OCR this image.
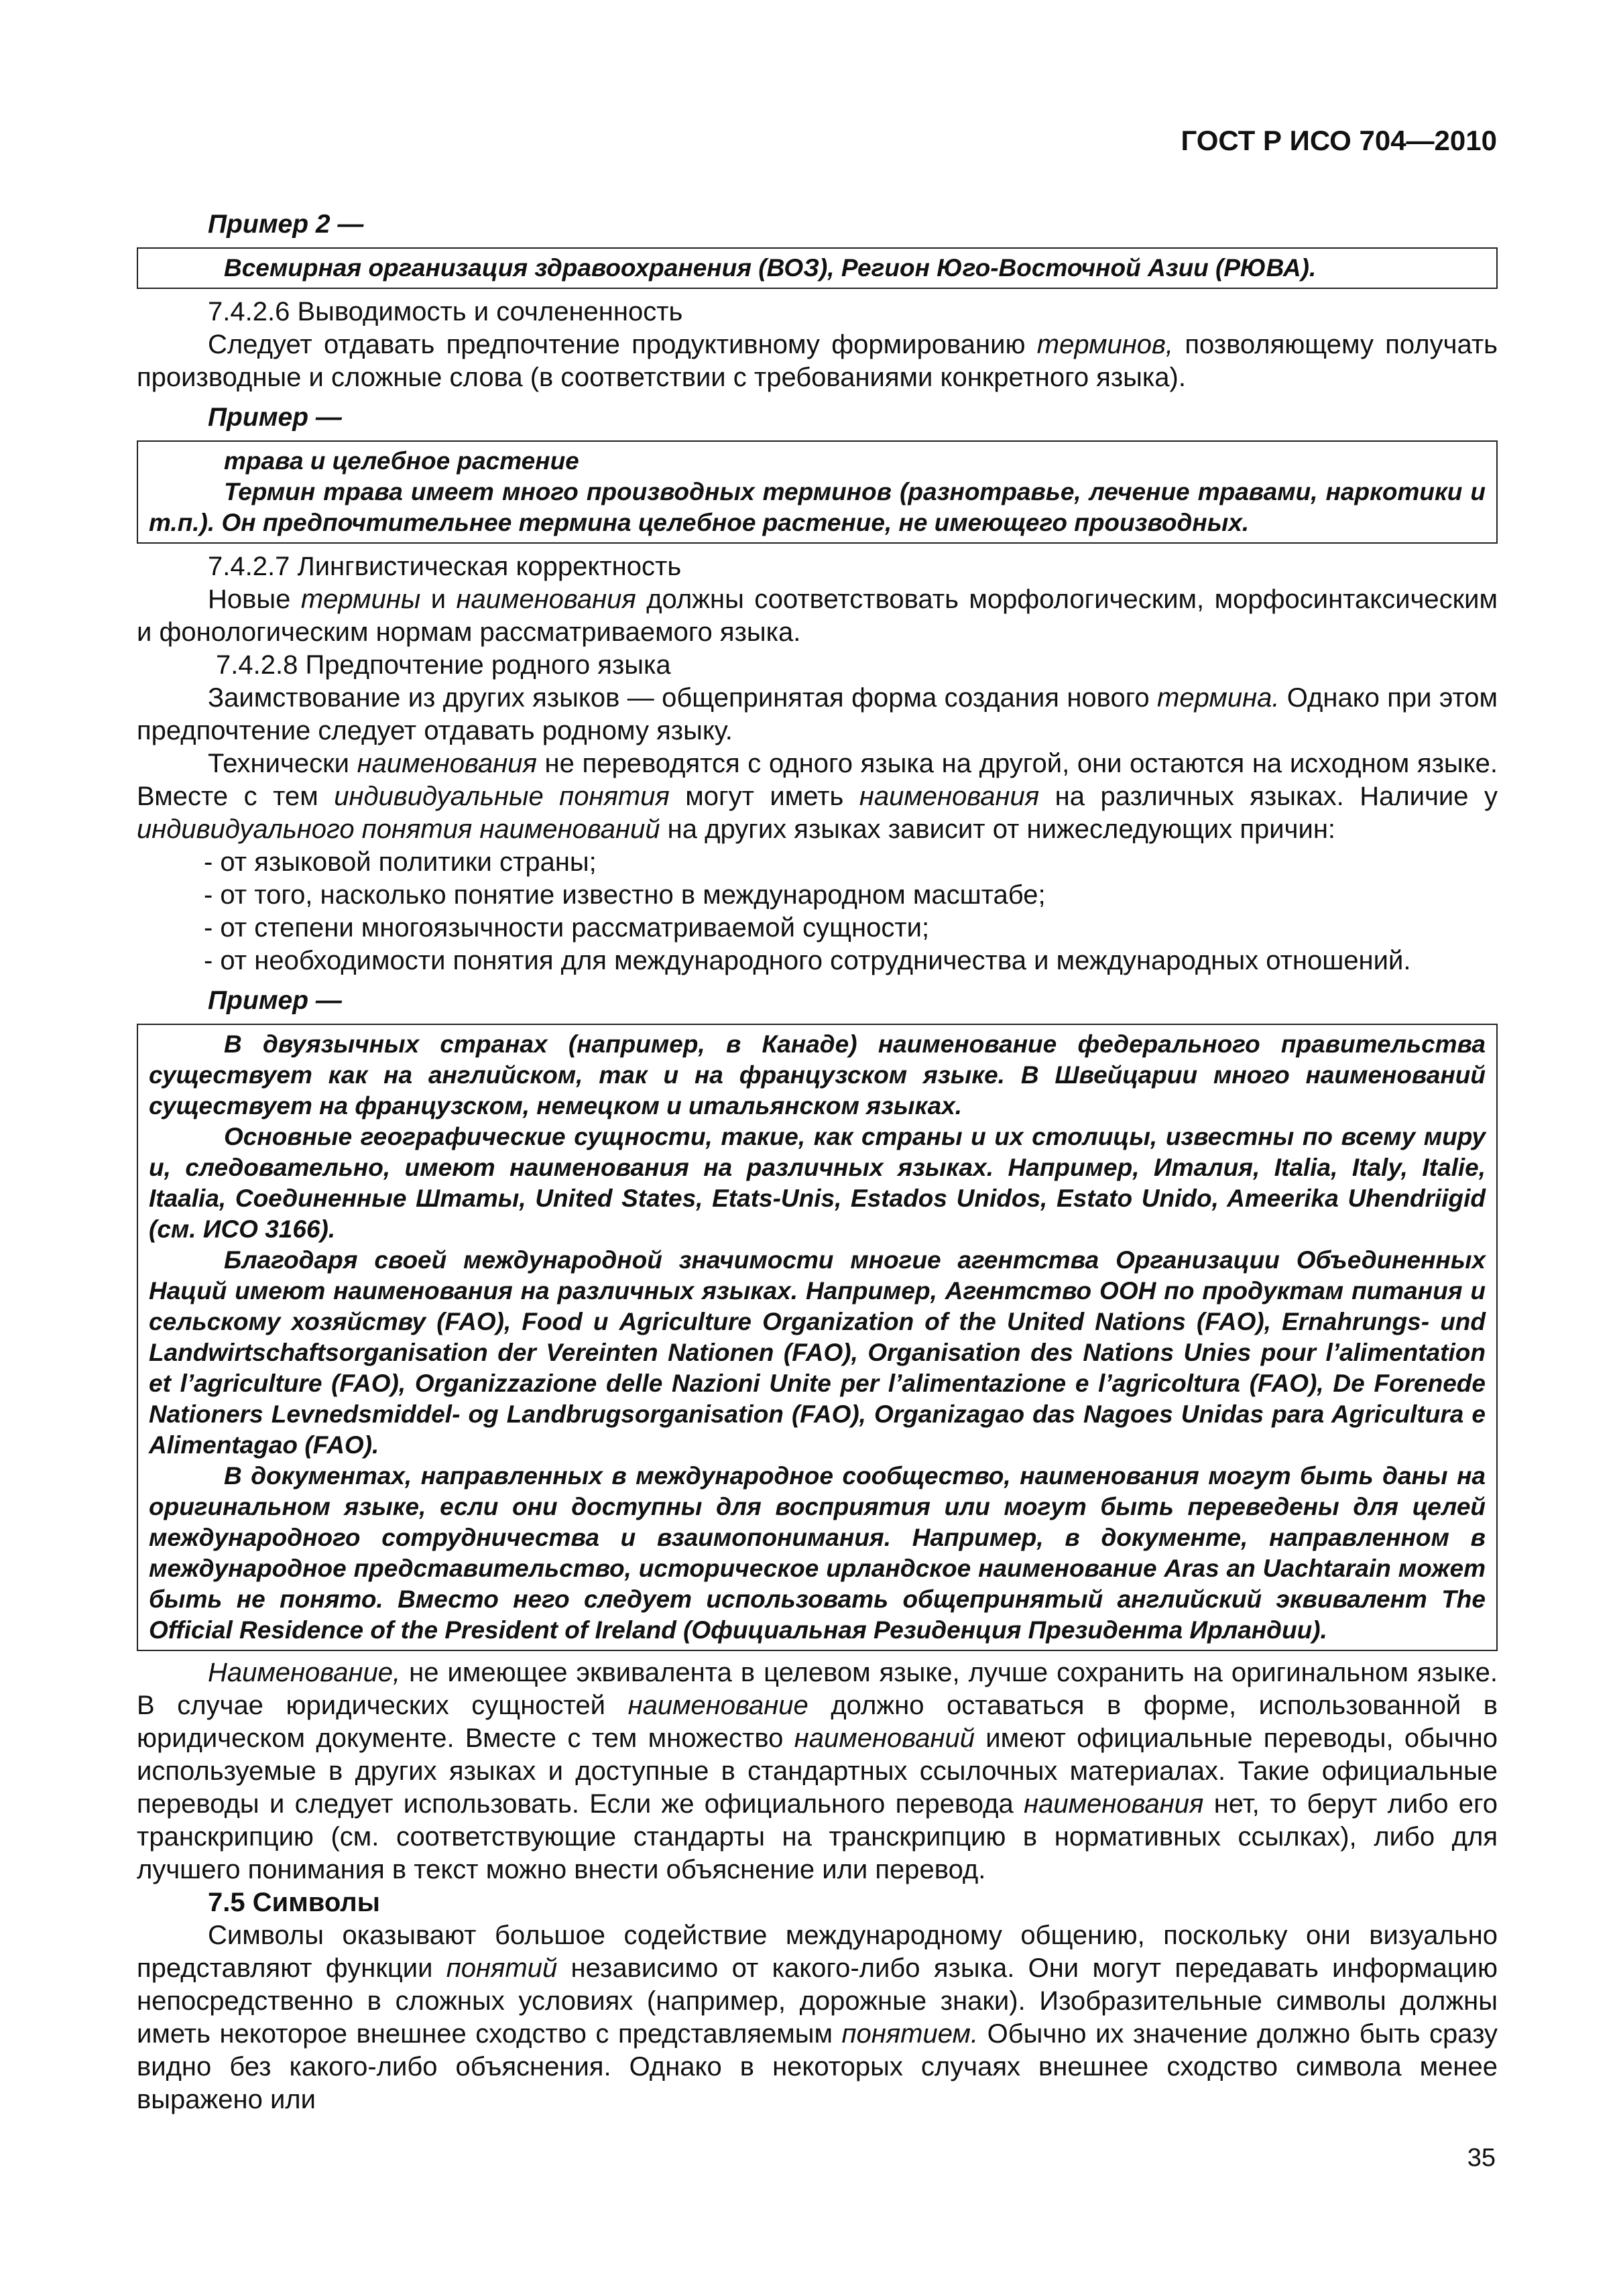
ГОСТ Р ИСО 704—2010

Пример 2 —

Всемирная организация здравоохранения (ВОЗ), Регион Юго-Восточной Азии (РЮВА).

7.4.2.6 Выводимость и сочлененность

Следует отдавать предпочтение продуктивному формированию терминов, позволяющему получать производные и сложные слова (в соответствии с требованиями конкретного языка).

Пример —

трава и целебное растение

Термин трава имеет много производных терминов (разнотравье, лечение травами, наркотики и т.п.). Он предпочтительнее термина целебное растение, не имеющего производных.

7.4.2.7 Лингвистическая корректность

Новые термины и наименования должны соответствовать морфологическим, морфосинтаксическим и фонологическим нормам рассматриваемого языка.

7.4.2.8 Предпочтение родного языка

Заимствование из других языков — общепринятая форма создания нового термина. Однако при этом предпочтение следует отдавать родному языку.

Технически наименования не переводятся с одного языка на другой, они остаются на исходном языке. Вместе с тем индивидуальные понятия могут иметь наименования на различных языках. Наличие у индивидуального понятия наименований на других языках зависит от нижеследующих причин:

- от языковой политики страны;

- от того, насколько понятие известно в международном масштабе;

- от степени многоязычности рассматриваемой сущности;

- от необходимости понятия для международного сотрудничества и международных отношений.

Пример —

В двуязычных странах (например, в Канаде) наименование федерального правительства существует как на английском, так и на французском языке. В Швейцарии много наименований существует на французском, немецком и итальянском языках.

Основные географические сущности, такие, как страны и их столицы, известны по всему миру и, следовательно, имеют наименования на различных языках. Например, Италия, Italia, Italy, Italie, Itaalia, Соединенные Штаты, United States, Etats-Unis, Estados Unidos, Estato Unido, Ameerika Uhendriigid (см. ИСО 3166).

Благодаря своей международной значимости многие агентства Организации Объединенных Наций имеют наименования на различных языках. Например, Агентство ООН по продуктам питания и сельскому хозяйству (FAO), Food и Agriculture Organization of the United Nations (FAO), Ernahrungs- und Landwirtschaftsorganisation der Vereinten Nationen (FAO), Organisation des Nations Unies pour l’alimentation et l’agriculture (FAO), Organizzazione delle Nazioni Unite per l’alimentazione e l’agricoltura (FAO), De Forenede Nationers Levnedsmiddel- og Landbrugsorganisation (FAO), Organizagao das Nagoes Unidas para Agricultura e Alimentagao (FAO).

В документах, направленных в международное сообщество, наименования могут быть даны на оригинальном языке, если они доступны для восприятия или могут быть переведены для целей международного сотрудничества и взаимопонимания. Например, в документе, направленном в международное представительство, историческое ирландское наименование Aras an Uachtarain может быть не понято. Вместо него следует использовать общепринятый английский эквивалент The Official Residence of the President of Ireland (Официальная Резиденция Президента Ирландии).

Наименование, не имеющее эквивалента в целевом языке, лучше сохранить на оригинальном языке. В случае юридических сущностей наименование должно оставаться в форме, использованной в юридическом документе. Вместе с тем множество наименований имеют официальные переводы, обычно используемые в других языках и доступные в стандартных ссылочных материалах. Такие официальные переводы и следует использовать. Если же официального перевода наименования нет, то берут либо его транскрипцию (см. соответствующие стандарты на транскрипцию в нормативных ссылках), либо для лучшего понимания в текст можно внести объяснение или перевод.

7.5 Символы

Символы оказывают большое содействие международному общению, поскольку они визуально представляют функции понятий независимо от какого-либо языка. Они могут передавать информацию непосредственно в сложных условиях (например, дорожные знаки). Изобразительные символы должны иметь некоторое внешнее сходство с представляемым понятием. Обычно их значение должно быть сразу видно без какого-либо объяснения. Однако в некоторых случаях внешнее сходство символа менее выражено или

35
